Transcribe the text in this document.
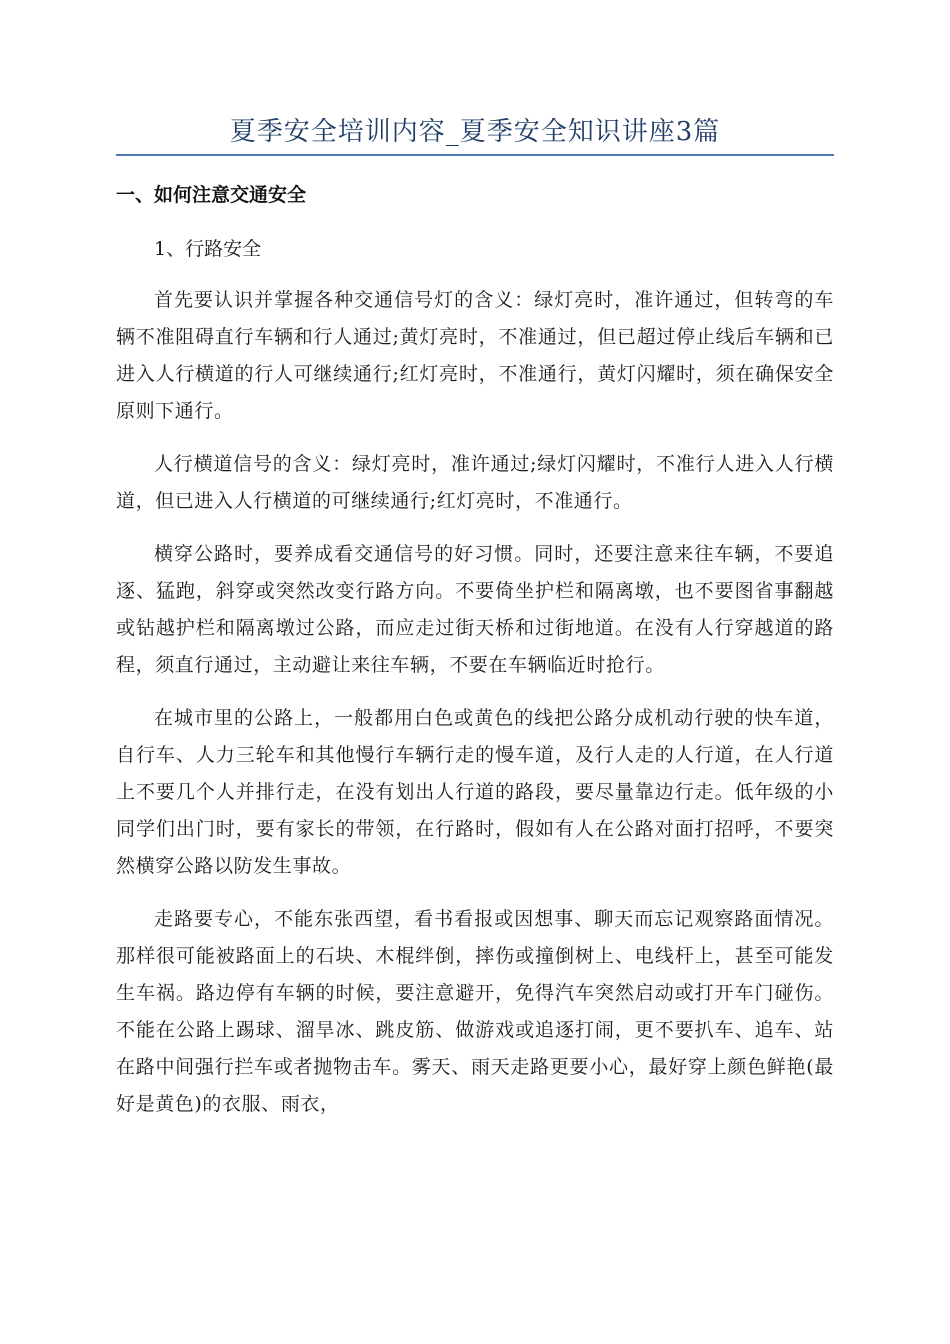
夏季安全培训内容_夏季安全知识讲座3篇
一、如何注意交通安全
1、行路安全

首先要认识并掌握各种交通信号灯的含义：绿灯亮时，准许通过，但转弯的车辆不准阻碍直行车辆和行人通过;黄灯亮时，不准通过，但已超过停止线后车辆和已进入人行横道的行人可继续通行;红灯亮时，不准通行，黄灯闪耀时，须在确保安全原则下通行。

人行横道信号的含义：绿灯亮时，准许通过;绿灯闪耀时，不准行人进入人行横道，但已进入人行横道的可继续通行;红灯亮时，不准通行。

横穿公路时，要养成看交通信号的好习惯。同时，还要注意来往车辆，不要追逐、猛跑，斜穿或突然改变行路方向。不要倚坐护栏和隔离墩，也不要图省事翻越或钻越护栏和隔离墩过公路，而应走过街天桥和过街地道。在没有人行穿越道的路程，须直行通过，主动避让来往车辆，不要在车辆临近时抢行。

在城市里的公路上，一般都用白色或黄色的线把公路分成机动行驶的快车道，自行车、人力三轮车和其他慢行车辆行走的慢车道，及行人走的人行道，在人行道上不要几个人并排行走，在没有划出人行道的路段，要尽量靠边行走。低年级的小同学们出门时，要有家长的带领，在行路时，假如有人在公路对面打招呼，不要突然横穿公路以防发生事故。

走路要专心，不能东张西望，看书看报或因想事、聊天而忘记观察路面情况。那样很可能被路面上的石块、木棍绊倒，摔伤或撞倒树上、电线杆上，甚至可能发生车祸。路边停有车辆的时候，要注意避开，免得汽车突然启动或打开车门碰伤。不能在公路上踢球、溜旱冰、跳皮筋、做游戏或追逐打闹，更不要扒车、追车、站在路中间强行拦车或者抛物击车。雾天、雨天走路更要小心，最好穿上颜色鲜艳(最好是黄色)的衣服、雨衣，
